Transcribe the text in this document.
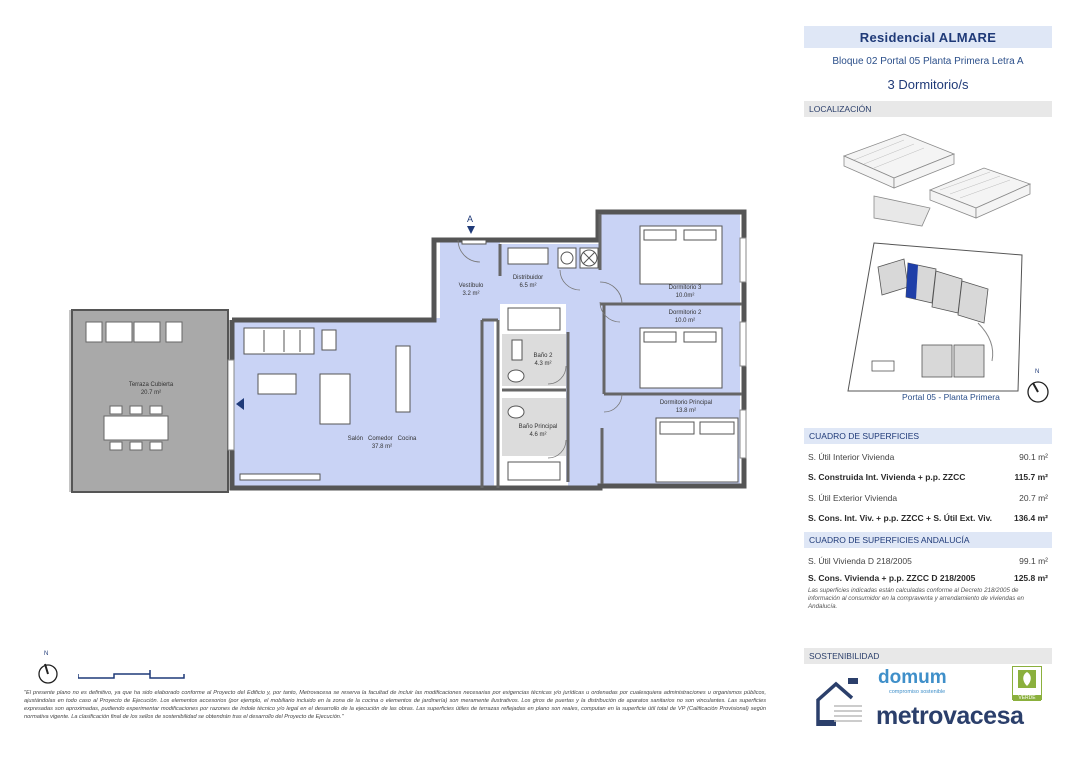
A
Terraza Cubierta
20.7 m²
Vestíbulo
3.2 m²
Distribuidor
6.5 m²	Dormitorio 3
10.0m²
Dormitorio 2
10.0 m²
Baño 2
4.3 m²
Baño Principal
4.6 m²
Dormitorio Principal
13.8 m²
Salón   Comedor   Cocina
37.8 m²
N
"El presente plano no es definitivo, ya que ha sido elaborado conforme al Proyecto del Edificio y, por tanto, Metrovacesa se reserva la facultad de incluir las modificaciones necesarias por exigencias técnicas y/o jurídicas u ordenadas por cualesquiera administraciones u organismos públicos, ajustándolas en todo caso al Proyecto de Ejecución. Los elementos accesorios (por ejemplo, el mobiliario incluido en la zona de la cocina o elementos de jardinería) son meramente ilustrativos. Los giros de puertas y la distribución de aparatos sanitarios no son vinculantes. Las superficies expresadas son aproximadas, pudiendo experimentar modificaciones por razones de índole técnico y/o legal en el desarrollo de la ejecución de las obras. Las superficies útiles de terrazas reflejadas en plano son reales, computan en la superficie útil total de VP (Calificación Provisional) según normativa vigente. La clasificación final de los sellos de sostenibilidad se obtendrán tras el desarrollo del Proyecto de Ejecución."
Residencial ALMARE
Bloque 02 Portal 05 Planta Primera Letra A
3 Dormitorio/s
LOCALIZACIÓN
Portal 05 - Planta Primera
N
CUADRO DE SUPERFICIES
S. Útil Interior Vivienda	90.1 m²
S. Construida Int. Vivienda + p.p. ZZCC	115.7 m²
S. Útil Exterior Vivienda	20.7 m²
S. Cons. Int. Viv. + p.p. ZZCC + S. Útil Ext. Viv.	136.4 m²
CUADRO DE SUPERFICIES ANDALUCÍA
S. Útil Vivienda D 218/2005	99.1 m²
S. Cons. Vivienda + p.p. ZZCC D 218/2005	125.8 m²
Las superficies indicadas están calculadas conforme al Decreto 218/2005 de información al consumidor en la compraventa y arrendamiento de viviendas en Andalucía.
SOSTENIBILIDAD
domum
compromiso sostenible
VERDE
metrovacesa
